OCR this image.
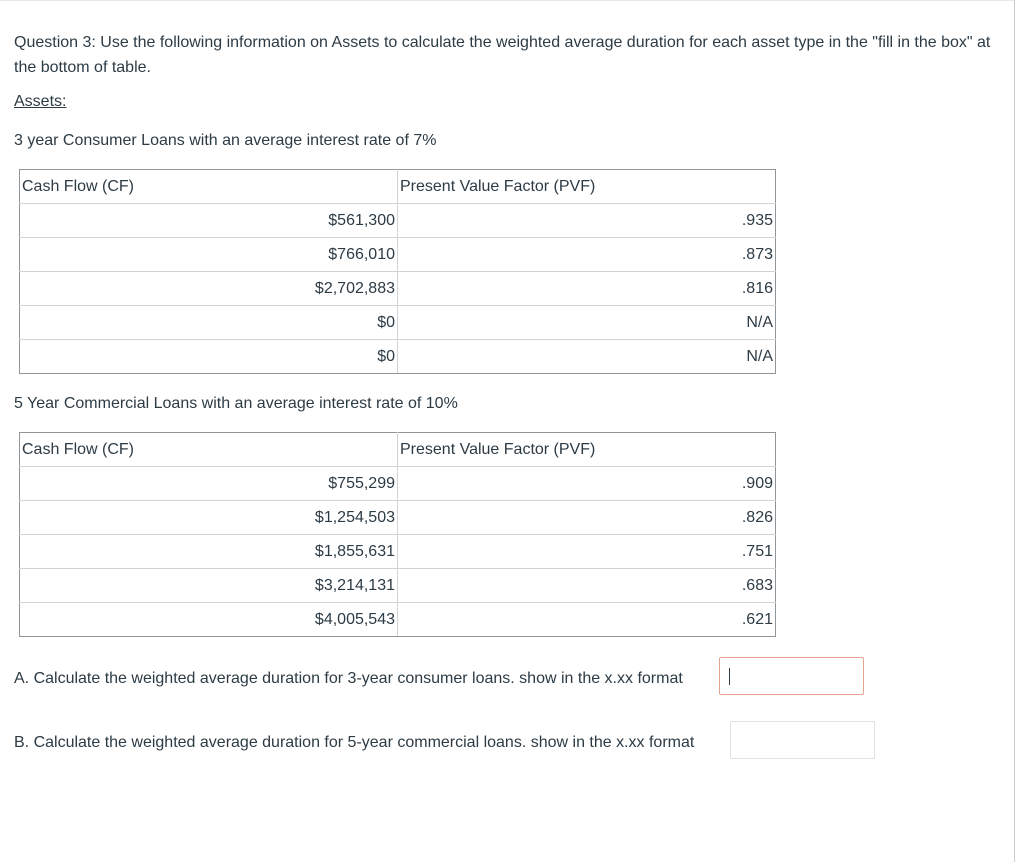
Question 3: Use the following information on Assets to calculate the weighted average duration for each asset type in the "fill in the box" at the bottom of table.
Assets:
3 year Consumer Loans with an average interest rate of 7%
Cash Flow (CF)	Present Value Factor (PVF)
$561,300	.935
$766,010	.873
$2,702,883	.816
$0	N/A
$0	N/A
5 Year Commercial Loans with an average interest rate of 10%
Cash Flow (CF)	Present Value Factor (PVF)
$755,299	.909
$1,254,503	.826
$1,855,631	.751
$3,214,131	.683
$4,005,543	.621
A. Calculate the weighted average duration for 3-year consumer loans. show in the x.xx format
B. Calculate the weighted average duration for 5-year commercial loans. show in the x.xx format
